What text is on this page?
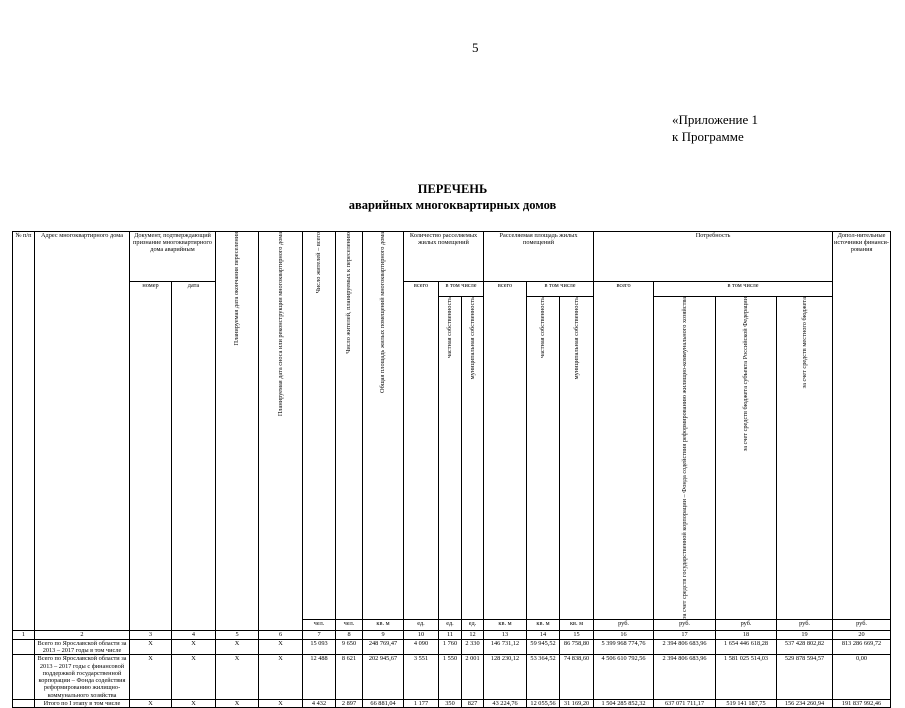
5
«Приложение 1
к Программе
ПЕРЕЧЕНЬ
аварийных многоквартирных домов
№ п/п	Адрес многоквартирного дома	Документ, подтверждающий признание многоквартирного дома аварийным		Планируемая дата окончания переселения	Планируемая дата сноса или реконструкции многоквартирного дома	Число жителей – всего	Число жителей, планируемых к переселению	Общая площадь жилых помещений многоквартирного дома	Количество расселяемых жилых помещений			Расселяемая площадь жилых помещений			Потребность				Допол-нительные источники финанси-рования
		номер	дата						всего	в том числе		всего	в том числе		всего	в том числе			

										частная собственность	муниципальная собственность		частная собственность	муниципальная собственность		за счет средств государственной корпорации – Фонда содействия реформированию жилищно-коммунального хозяйства	за счет средств бюджета субъекта Российской Федерации	за счет средств местного бюджета	

						чел.	чел.	кв. м	ед.	ед.	ед.	кв. м	кв. м	кв. м	руб.	руб.	руб.	руб.	руб.
1	2	3	4	5	6	7	8	9	10	11	12	13	14	15	16	17	18	19	20
	Всего по Ярославской области за 2013 – 2017 годы в том числе	Х	Х	Х	Х	15 093	9 650	248 769,47	4 090	1 760	2 330	146 731,12	59 945,52	86 758,80	5 399 968 774,76	2 394 806 683,96	1 654 446 618,28	537 428 802,82	813 286 669,72
	Всего по Ярославской области за 2013 – 2017 годы с финансовой поддержкой государственной корпорации – Фонда содействия реформированию жилищно-коммунального хозяйства	Х	Х	Х	Х	12 488	8 621	202 945,67	3 551	1 550	2 001	128 230,12	53 364,52	74 838,60	4 506 610 792,56	2 394 806 683,96	1 581 025 514,03	529 878 594,57	0,00
	Итого по I этапу в том числе	Х	Х	Х	Х	4 432	2 897	66 881,04	1 177	350	827	43 224,76	12 055,56	31 169,20	1 504 285 852,32	637 071 711,17	519 141 187,75	156 234 260,94	191 837 992,46
